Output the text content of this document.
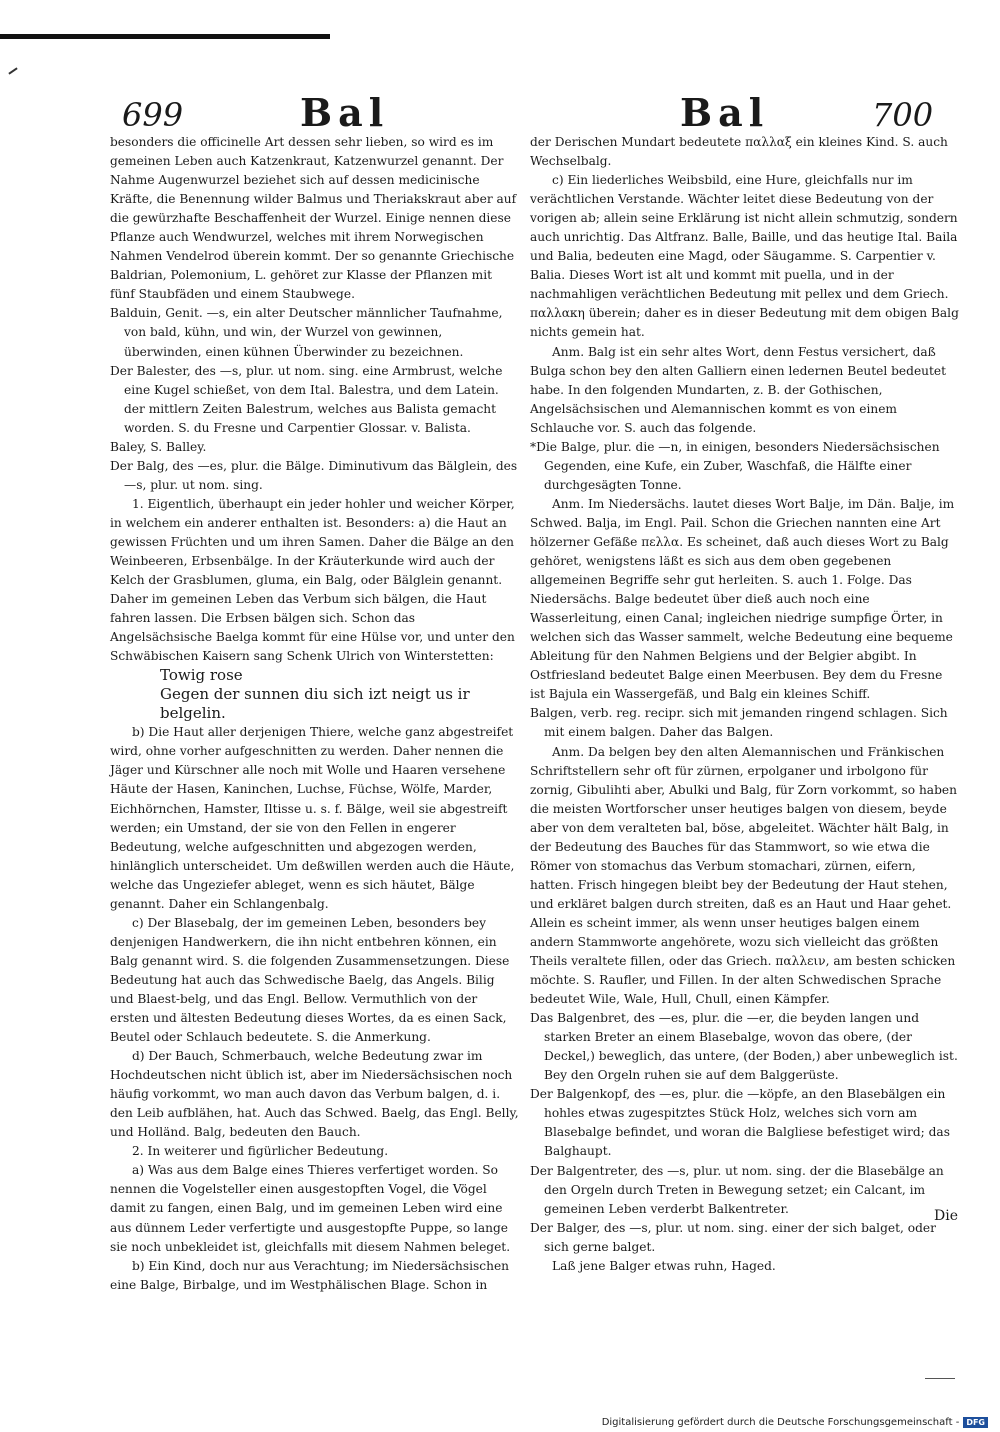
699	Bal	Bal	700

besonders die officinelle Art dessen sehr lieben, so wird es im gemeinen Leben auch Katzenkraut, Katzenwurzel genannt. Der Nahme Augenwurzel beziehet sich auf dessen medicinische Kräfte, die Benennung wilder Balmus und Theriakskraut aber auf die gewürzhafte Beschaffenheit der Wurzel. Einige nennen diese Pflanze auch Wendwurzel, welches mit ihrem Norwegischen Nahmen Vendelrod überein kommt. Der so genannte Griechische Baldrian, Polemonium, L. gehöret zur Klasse der Pflanzen mit fünf Staubfäden und einem Staubwege.

Balduin, Genit. —s, ein alter Deutscher männlicher Taufnahme, von bald, kühn, und win, der Wurzel von gewinnen, überwinden, einen kühnen Überwinder zu bezeichnen.

Der Balester, des —s, plur. ut nom. sing. eine Armbrust, welche eine Kugel schießet, von dem Ital. Balestra, und dem Latein. der mittlern Zeiten Balestrum, welches aus Balista gemacht worden. S. du Fresne und Carpentier Glossar. v. Balista.

Baley, S. Balley.

Der Balg, des —es, plur. die Bälge. Diminutivum das Bälglein, des —s, plur. ut nom. sing.

1. Eigentlich, überhaupt ein jeder hohler und weicher Körper, in welchem ein anderer enthalten ist. Besonders: a) die Haut an gewissen Früchten und um ihren Samen. Daher die Bälge an den Weinbeeren, Erbsenbälge. In der Kräuterkunde wird auch der Kelch der Grasblumen, gluma, ein Balg, oder Bälglein genannt. Daher im gemeinen Leben das Verbum sich bälgen, die Haut fahren lassen. Die Erbsen bälgen sich. Schon das Angelsächsische Baelga kommt für eine Hülse vor, und unter den Schwäbischen Kaisern sang Schenk Ulrich von Winterstetten:

Towig rose

Gegen der sunnen diu sich izt neigt us ir belgelin.

b) Die Haut aller derjenigen Thiere, welche ganz abgestreifet wird, ohne vorher aufgeschnitten zu werden. Daher nennen die Jäger und Kürschner alle noch mit Wolle und Haaren versehene Häute der Hasen, Kaninchen, Luchse, Füchse, Wölfe, Marder, Eichhörnchen, Hamster, Iltisse u. s. f. Bälge, weil sie abgestreift werden; ein Umstand, der sie von den Fellen in engerer Bedeutung, welche aufgeschnitten und abgezogen werden, hinlänglich unterscheidet. Um deßwillen werden auch die Häute, welche das Ungeziefer ableget, wenn es sich häutet, Bälge genannt. Daher ein Schlangenbalg.

c) Der Blasebalg, der im gemeinen Leben, besonders bey denjenigen Handwerkern, die ihn nicht entbehren können, ein Balg genannt wird. S. die folgenden Zusammensetzungen. Diese Bedeutung hat auch das Schwedische Baelg, das Angels. Bilig und Blaest-belg, und das Engl. Bellow. Vermuthlich von der ersten und ältesten Bedeutung dieses Wortes, da es einen Sack, Beutel oder Schlauch bedeutete. S. die Anmerkung.

d) Der Bauch, Schmerbauch, welche Bedeutung zwar im Hochdeutschen nicht üblich ist, aber im Niedersächsischen noch häufig vorkommt, wo man auch davon das Verbum balgen, d. i. den Leib aufblähen, hat. Auch das Schwed. Baelg, das Engl. Belly, und Holländ. Balg, bedeuten den Bauch.

2. In weiterer und figürlicher Bedeutung.

a) Was aus dem Balge eines Thieres verfertiget worden. So nennen die Vogelsteller einen ausgestopften Vogel, die Vögel damit zu fangen, einen Balg, und im gemeinen Leben wird eine aus dünnem Leder verfertigte und ausgestopfte Puppe, so lange sie noch unbekleidet ist, gleichfalls mit diesem Nahmen beleget.

b) Ein Kind, doch nur aus Verachtung; im Niedersächsischen eine Balge, Birbalge, und im Westphälischen Blage. Schon in

der Derischen Mundart bedeutete παλλαξ ein kleines Kind. S. auch Wechselbalg.

c) Ein liederliches Weibsbild, eine Hure, gleichfalls nur im verächtlichen Verstande. Wächter leitet diese Bedeutung von der vorigen ab; allein seine Erklärung ist nicht allein schmutzig, sondern auch unrichtig. Das Altfranz. Balle, Baille, und das heutige Ital. Baila und Balia, bedeuten eine Magd, oder Säugamme. S. Carpentier v. Balia. Dieses Wort ist alt und kommt mit puella, und in der nachmahligen verächtlichen Bedeutung mit pellex und dem Griech. παλλακη überein; daher es in dieser Bedeutung mit dem obigen Balg nichts gemein hat.

Anm. Balg ist ein sehr altes Wort, denn Festus versichert, daß Bulga schon bey den alten Galliern einen ledernen Beutel bedeutet habe. In den folgenden Mundarten, z. B. der Gothischen, Angelsächsischen und Alemannischen kommt es von einem Schlauche vor. S. auch das folgende.

*Die Balge, plur. die —n, in einigen, besonders Niedersächsischen Gegenden, eine Kufe, ein Zuber, Waschfaß, die Hälfte einer durchgesägten Tonne.

Anm. Im Niedersächs. lautet dieses Wort Balje, im Dän. Balje, im Schwed. Balja, im Engl. Pail. Schon die Griechen nannten eine Art hölzerner Gefäße πελλα. Es scheinet, daß auch dieses Wort zu Balg gehöret, wenigstens läßt es sich aus dem oben gegebenen allgemeinen Begriffe sehr gut herleiten. S. auch 1. Folge. Das Niedersächs. Balge bedeutet über dieß auch noch eine Wasserleitung, einen Canal; ingleichen niedrige sumpfige Örter, in welchen sich das Wasser sammelt, welche Bedeutung eine bequeme Ableitung für den Nahmen Belgiens und der Belgier abgibt. In Ostfriesland bedeutet Balge einen Meerbusen. Bey dem du Fresne ist Bajula ein Wassergefäß, und Balg ein kleines Schiff.

Balgen, verb. reg. recipr. sich mit jemanden ringend schlagen. Sich mit einem balgen. Daher das Balgen.

Anm. Da belgen bey den alten Alemannischen und Fränkischen Schriftstellern sehr oft für zürnen, erpolganer und irbolgono für zornig, Gibulihti aber, Abulki und Balg, für Zorn vorkommt, so haben die meisten Wortforscher unser heutiges balgen von diesem, beyde aber von dem veralteten bal, böse, abgeleitet. Wächter hält Balg, in der Bedeutung des Bauches für das Stammwort, so wie etwa die Römer von stomachus das Verbum stomachari, zürnen, eifern, hatten. Frisch hingegen bleibt bey der Bedeutung der Haut stehen, und erkläret balgen durch streiten, daß es an Haut und Haar gehet. Allein es scheint immer, als wenn unser heutiges balgen einem andern Stammworte angehörete, wozu sich vielleicht das größten Theils veraltete fillen, oder das Griech. παλλειν, am besten schicken möchte. S. Raufler, und Fillen. In der alten Schwedischen Sprache bedeutet Wile, Wale, Hull, Chull, einen Kämpfer.

Das Balgenbret, des —es, plur. die —er, die beyden langen und starken Breter an einem Blasebalge, wovon das obere, (der Deckel,) beweglich, das untere, (der Boden,) aber unbeweglich ist. Bey den Orgeln ruhen sie auf dem Balggerüste.

Der Balgenkopf, des —es, plur. die —köpfe, an den Blasebälgen ein hohles etwas zugespitztes Stück Holz, welches sich vorn am Blasebalge befindet, und woran die Balgliese befestiget wird; das Balghaupt.

Der Balgentreter, des —s, plur. ut nom. sing. der die Blasebälge an den Orgeln durch Treten in Bewegung setzet; ein Calcant, im gemeinen Leben verderbt Balkentreter.

Der Balger, des —s, plur. ut nom. sing. einer der sich balget, oder sich gerne balget.

Laß jene Balger etwas ruhn, Haged.

Die
Digitalisierung gefördert durch die Deutsche Forschungsgemeinschaft - DFG
